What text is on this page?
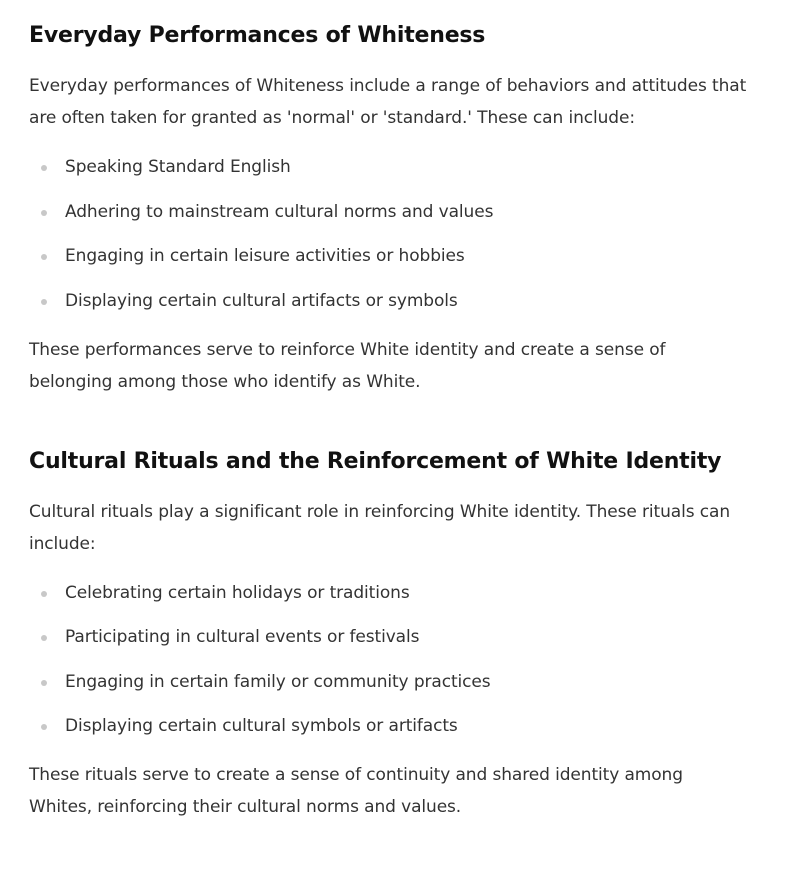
Everyday Performances of Whiteness

Everyday performances of Whiteness include a range of behaviors and attitudes that are often taken for granted as 'normal' or 'standard.' These can include:

Speaking Standard English
Adhering to mainstream cultural norms and values
Engaging in certain leisure activities or hobbies
Displaying certain cultural artifacts or symbols

These performances serve to reinforce White identity and create a sense of belonging among those who identify as White.

Cultural Rituals and the Reinforcement of White Identity

Cultural rituals play a significant role in reinforcing White identity. These rituals can include:

Celebrating certain holidays or traditions
Participating in cultural events or festivals
Engaging in certain family or community practices
Displaying certain cultural symbols or artifacts

These rituals serve to create a sense of continuity and shared identity among Whites, reinforcing their cultural norms and values.
